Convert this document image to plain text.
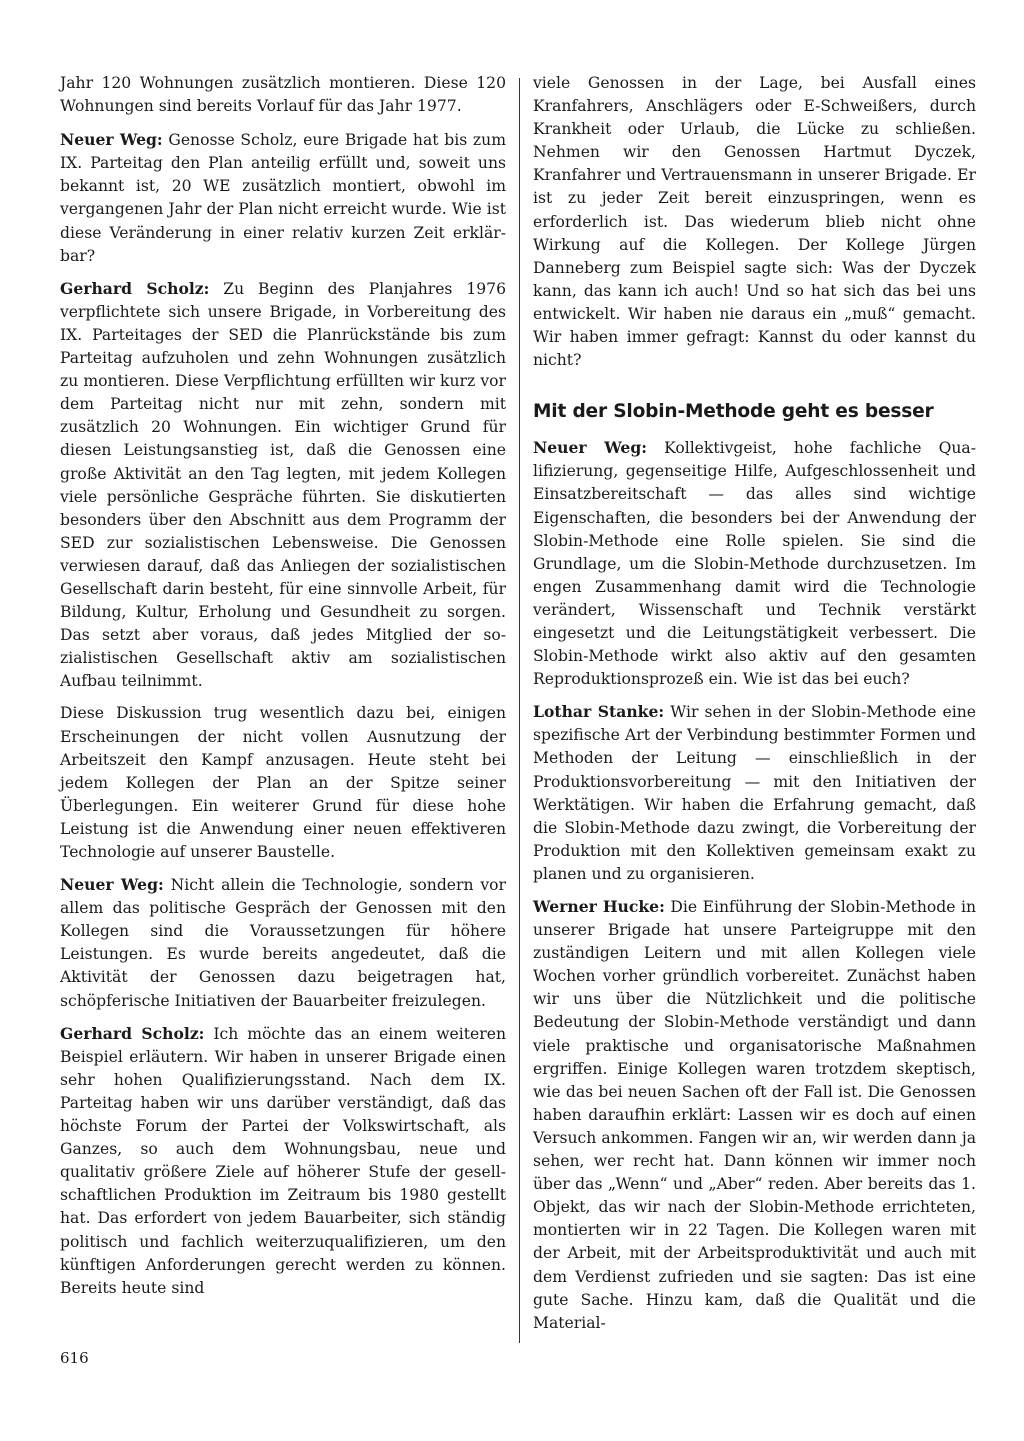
Jahr 120 Wohnungen zusätzlich montieren. Diese 120 Wohnungen sind bereits Vorlauf für das Jahr 1977.

Neuer Weg: Genosse Scholz, eure Brigade hat bis zum IX. Parteitag den Plan anteilig erfüllt und, soweit uns bekannt ist, 20 WE zusätzlich montiert, obwohl im vergangenen Jahr der Plan nicht erreicht wurde. Wie ist diese Veränderung in einer relativ kurzen Zeit erklärbar?

Gerhard Scholz: Zu Beginn des Planjahres 1976 verpflichtete sich unsere Brigade, in Vorbereitung des IX. Parteitages der SED die Planrückstände bis zum Parteitag aufzuholen und zehn Wohnungen zusätzlich zu montieren. Diese Verpflichtung erfüllten wir kurz vor dem Parteitag nicht nur mit zehn, sondern mit zusätzlich 20 Wohnungen. Ein wichtiger Grund für diesen Leistungsanstieg ist, daß die Genossen eine große Aktivität an den Tag legten, mit jedem Kollegen viele persönliche Gespräche führten. Sie diskutierten besonders über den Abschnitt aus dem Programm der SED zur sozialistischen Lebensweise. Die Genossen verwiesen darauf, daß das Anliegen der sozialistischen Gesellschaft darin besteht, für eine sinnvolle Arbeit, für Bildung, Kultur, Erholung und Gesundheit zu sorgen. Das setzt aber voraus, daß jedes Mitglied der sozialistischen Gesellschaft aktiv am sozialistischen Aufbau teilnimmt.

Diese Diskussion trug wesentlich dazu bei, einigen Erscheinungen der nicht vollen Ausnutzung der Arbeitszeit den Kampf anzusagen. Heute steht bei jedem Kollegen der Plan an der Spitze seiner Überlegungen. Ein weiterer Grund für diese hohe Leistung ist die Anwendung einer neuen effektiveren Technologie auf unserer Baustelle.

Neuer Weg: Nicht allein die Technologie, sondern vor allem das politische Gespräch der Genossen mit den Kollegen sind die Voraussetzungen für höhere Leistungen. Es wurde bereits angedeutet, daß die Aktivität der Genossen dazu beigetragen hat, schöpferische Initiativen der Bauarbeiter freizulegen.

Gerhard Scholz: Ich möchte das an einem weiteren Beispiel erläutern. Wir haben in unserer Brigade einen sehr hohen Qualifizierungsstand. Nach dem IX. Parteitag haben wir uns darüber verständigt, daß das höchste Forum der Partei der Volkswirtschaft, als Ganzes, so auch dem Wohnungsbau, neue und qualitativ größere Ziele auf höherer Stufe der gesellschaftlichen Produktion im Zeitraum bis 1980 gestellt hat. Das erfordert von jedem Bauarbeiter, sich ständig politisch und fachlich weiterzuqualifizieren, um den künftigen Anforderungen gerecht werden zu können. Bereits heute sind

viele Genossen in der Lage, bei Ausfall eines Kranfahrers, Anschlägers oder E-Schweißers, durch Krankheit oder Urlaub, die Lücke zu schließen. Nehmen wir den Genossen Hartmut Dyczek, Kranfahrer und Vertrauensmann in unserer Brigade. Er ist zu jeder Zeit bereit einzuspringen, wenn es erforderlich ist. Das wiederum blieb nicht ohne Wirkung auf die Kollegen. Der Kollege Jürgen Danneberg zum Beispiel sagte sich: Was der Dyczek kann, das kann ich auch! Und so hat sich das bei uns entwickelt. Wir haben nie daraus ein „muß“ gemacht. Wir haben immer gefragt: Kannst du oder kannst du nicht?

Mit der Slobin-Methode geht es besser

Neuer Weg: Kollektivgeist, hohe fachliche Qualifizierung, gegenseitige Hilfe, Aufgeschlossenheit und Einsatzbereitschaft — das alles sind wichtige Eigenschaften, die besonders bei der Anwendung der Slobin-Methode eine Rolle spielen. Sie sind die Grundlage, um die Slobin-Methode durchzusetzen. Im engen Zusammenhang damit wird die Technologie verändert, Wissenschaft und Technik verstärkt eingesetzt und die Leitungstätigkeit verbessert. Die Slobin-Methode wirkt also aktiv auf den gesamten Reproduktionsprozeß ein. Wie ist das bei euch?

Lothar Stanke: Wir sehen in der Slobin-Methode eine spezifische Art der Verbindung bestimmter Formen und Methoden der Leitung — einschließlich in der Produktionsvorbereitung — mit den Initiativen der Werktätigen. Wir haben die Erfahrung gemacht, daß die Slobin-Methode dazu zwingt, die Vorbereitung der Produktion mit den Kollektiven gemeinsam exakt zu planen und zu organisieren.

Werner Hucke: Die Einführung der Slobin-Methode in unserer Brigade hat unsere Parteigruppe mit den zuständigen Leitern und mit allen Kollegen viele Wochen vorher gründlich vorbereitet. Zunächst haben wir uns über die Nützlichkeit und die politische Bedeutung der Slobin-Methode verständigt und dann viele praktische und organisatorische Maßnahmen ergriffen. Einige Kollegen waren trotzdem skeptisch, wie das bei neuen Sachen oft der Fall ist. Die Genossen haben daraufhin erklärt: Lassen wir es doch auf einen Versuch ankommen. Fangen wir an, wir werden dann ja sehen, wer recht hat. Dann können wir immer noch über das „Wenn“ und „Aber“ reden. Aber bereits das 1. Objekt, das wir nach der Slobin-Methode errichteten, montierten wir in 22 Tagen. Die Kollegen waren mit der Arbeit, mit der Arbeitsproduktivität und auch mit dem Verdienst zufrieden und sie sagten: Das ist eine gute Sache. Hinzu kam, daß die Qualität und die Material-

616
